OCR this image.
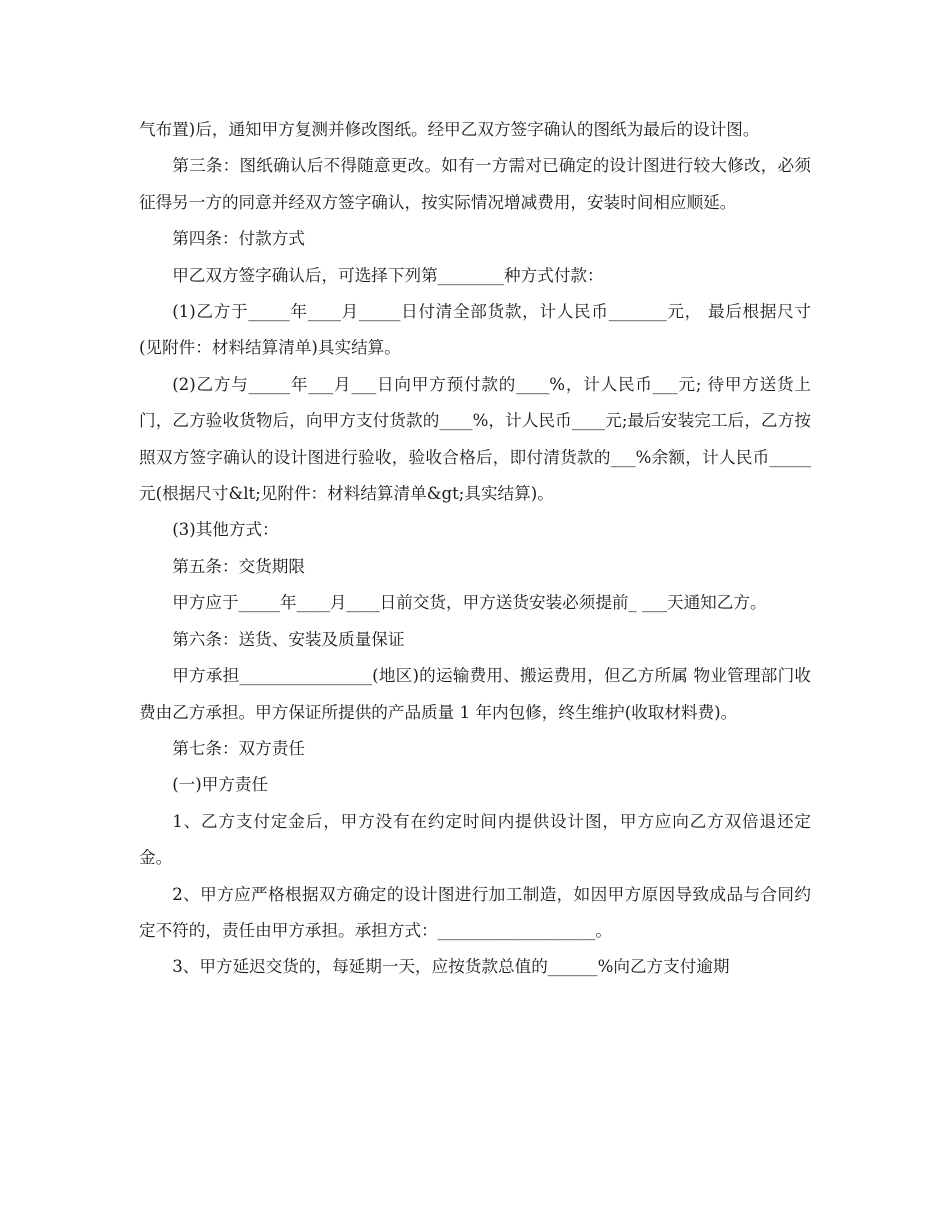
气布置)后，通知甲方复测并修改图纸。经甲乙双方签字确认的图纸为最后的设计图。

第三条：图纸确认后不得随意更改。如有一方需对已确定的设计图进行较大修改，必须征得另一方的同意并经双方签字确认，按实际情况增减费用，安装时间相应顺延。

第四条：付款方式

甲乙双方签字确认后，可选择下列第________种方式付款：

(1)乙方于_____年____月_____日付清全部货款，计人民币_______元， 最后根据尺寸(见附件：材料结算清单)具实结算。

(2)乙方与_____年___月___日向甲方预付款的____%，计人民币___元; 待甲方送货上门，乙方验收货物后，向甲方支付货款的____%，计人民币____元;最后安装完工后，乙方按照双方签字确认的设计图进行验收，验收合格后，即付清货款的___%余额，计人民币_____元(根据尺寸&lt;见附件：材料结算清单&gt;具实结算)。

(3)其他方式：

第五条：交货期限

甲方应于_____年____月____日前交货，甲方送货安装必须提前_ ___天通知乙方。

第六条：送货、安装及质量保证

甲方承担________________(地区)的运输费用、搬运费用，但乙方所属 物业管理部门收费由乙方承担。甲方保证所提供的产品质量 1 年内包修，终生维护(收取材料费)。

第七条：双方责任

(一)甲方责任

1、乙方支付定金后，甲方没有在约定时间内提供设计图，甲方应向乙方双倍退还定金。

2、甲方应严格根据双方确定的设计图进行加工制造，如因甲方原因导致成品与合同约定不符的，责任由甲方承担。承担方式：___________________。

3、甲方延迟交货的，每延期一天，应按货款总值的______%向乙方支付逾期
